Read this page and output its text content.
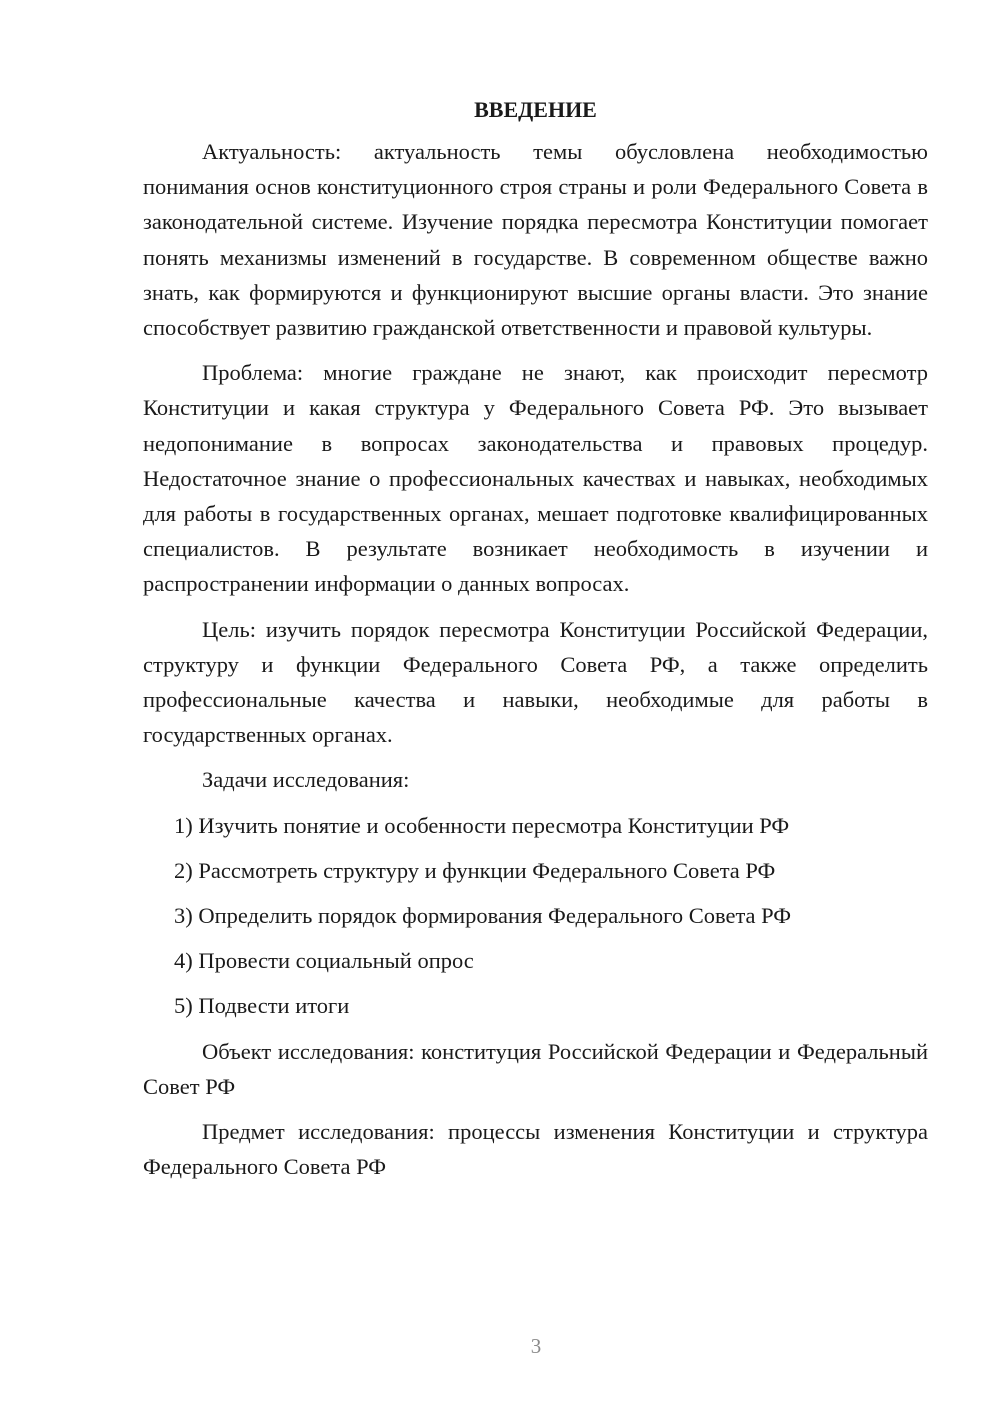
ВВЕДЕНИЕ

Актуальность: актуальность темы обусловлена необходимостью понимания основ конституционного строя страны и роли Федерального Совета в законодательной системе. Изучение порядка пересмотра Конституции помогает понять механизмы изменений в государстве. В современном обществе важно знать, как формируются и функционируют высшие органы власти. Это знание способствует развитию гражданской ответственности и правовой культуры.

Проблема: многие граждане не знают, как происходит пересмотр Конституции и какая структура у Федерального Совета РФ. Это вызывает недопонимание в вопросах законодательства и правовых процедур. Недостаточное знание о профессиональных качествах и навыках, необходимых для работы в государственных органах, мешает подготовке квалифицированных специалистов. В результате возникает необходимость в изучении и распространении информации о данных вопросах.

Цель: изучить порядок пересмотра Конституции Российской Федерации, структуру и функции Федерального Совета РФ, а также определить профессиональные качества и навыки, необходимые для работы в государственных органах.

Задачи исследования:

1) Изучить понятие и особенности пересмотра Конституции РФ

2) Рассмотреть структуру и функции Федерального Совета РФ

3) Определить порядок формирования Федерального Совета РФ

4) Провести социальный опрос

5) Подвести итоги

Объект исследования: конституция Российской Федерации и Федеральный Совет РФ

Предмет исследования: процессы изменения Конституции и структура Федерального Совета РФ

3
